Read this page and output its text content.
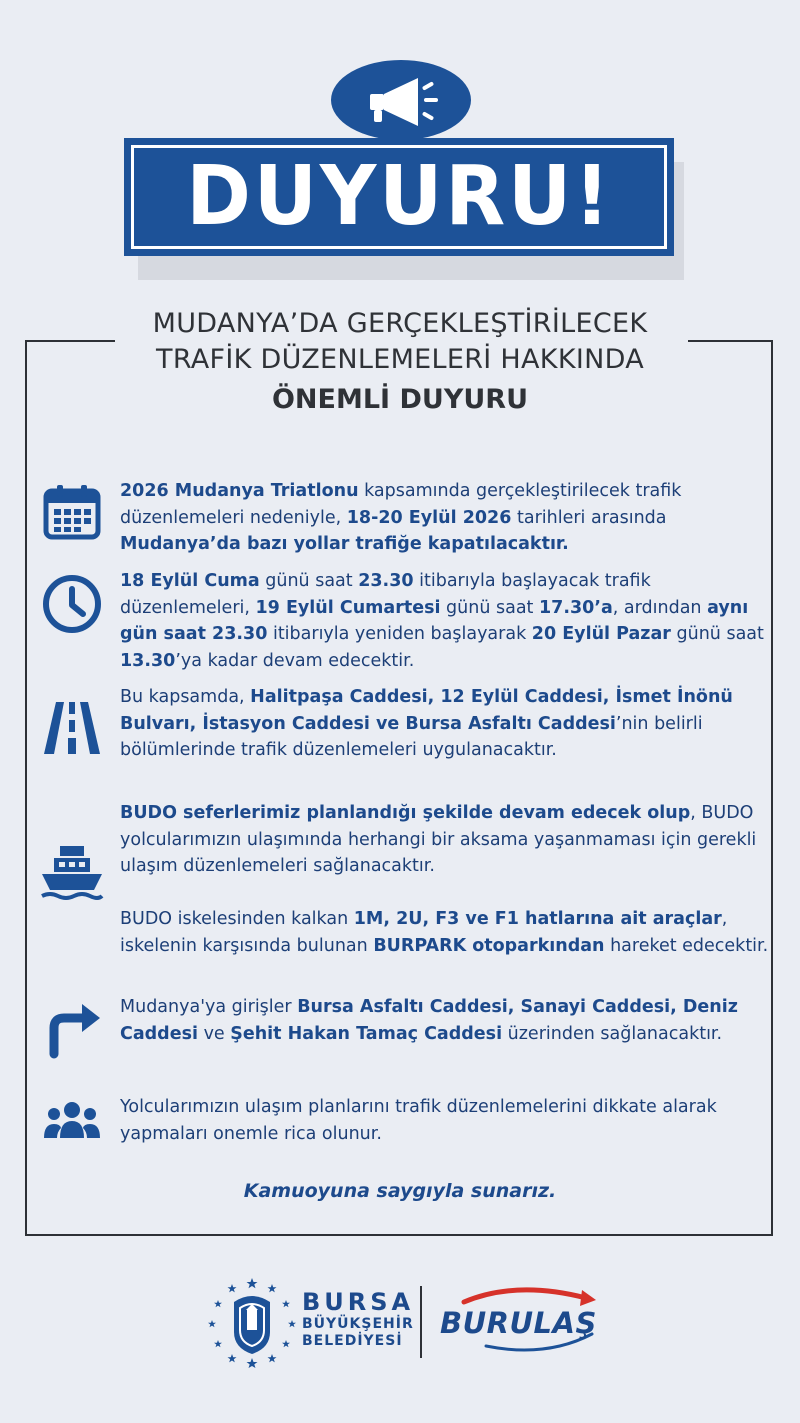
DUYURU!
MUDANYA’DA GERÇEKLEŞTİRİLECEK
TRAFİK DÜZENLEMELERİ HAKKINDA
ÖNEMLİ DUYURU
2026 Mudanya Triatlonu kapsamında gerçekleştirilecek trafik düzenlemeleri nedeniyle, 18-20 Eylül 2026 tarihleri arasında Mudanya’da bazı yollar trafiğe kapatılacaktır.
18 Eylül Cuma günü saat 23.30 itibarıyla başlayacak trafik düzenlemeleri, 19 Eylül Cumartesi günü saat 17.30’a, ardından aynı gün saat 23.30 itibarıyla yeniden başlayarak 20 Eylül Pazar günü saat 13.30’ya kadar devam edecektir.
Bu kapsamda, Halitpaşa Caddesi, 12 Eylül Caddesi, İsmet İnönü Bulvarı, İstasyon Caddesi ve Bursa Asfaltı Caddesi’nin belirli bölümlerinde trafik düzenlemeleri uygulanacaktır.
BUDO seferlerimiz planlandığı şekilde devam edecek olup, BUDO yolcularımızın ulaşımında herhangi bir aksama yaşanmaması için gerekli ulaşım düzenlemeleri sağlanacaktır.
BUDO iskelesinden kalkan 1M, 2U, F3 ve F1 hatlarına ait araçlar, iskelenin karşısında bulunan BURPARK otoparkından hareket edecektir.
Mudanya'ya girişler Bursa Asfaltı Caddesi, Sanayi Caddesi, Deniz Caddesi ve Şehit Hakan Tamaç Caddesi üzerinden sağlanacaktır.
Yolcularımızın ulaşım planlarını trafik düzenlemelerini dikkate alarak yapmaları onemle rica olunur.
Kamuoyuna saygıyla sunarız.
BURSA
BÜYÜKŞEHİR
BELEDİYESİ
BURULAŞ
